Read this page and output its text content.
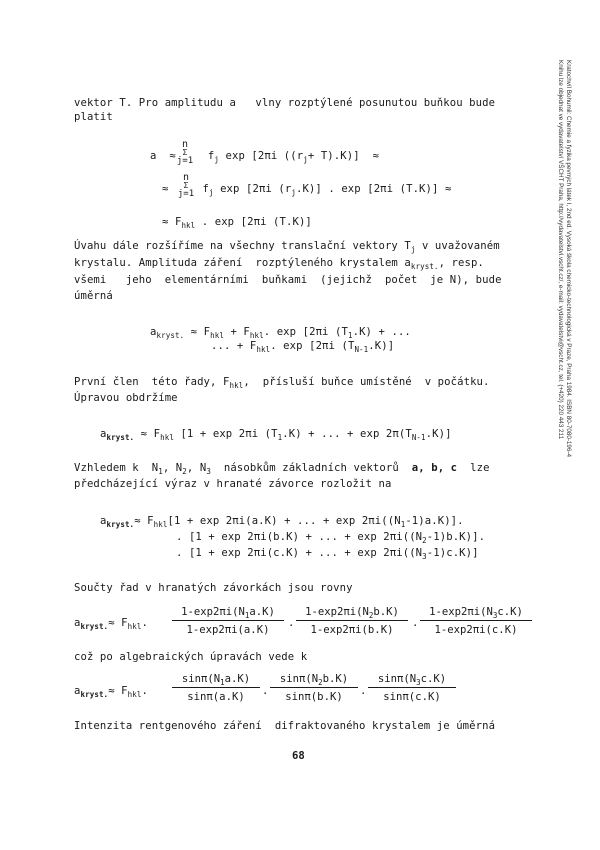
Kratochvíl Bohumil: Chemie a fyzika pevných látek I, 2nd ed. Vysoká škola chemicko-technologická v Praze, Praha 1984. ISBN 80-7080-196-4
Knihu lze objednat ve vydavatelství VŠCHT Praha, http://vydavatelstvi.vscht.cz/, e-mail: vydavatelstvi@vscht.cz, tel. (+420) 220 443 211
vektor T. Pro amplitudu a   vlny rozptýlené posunutou buňkou bude
platit
a  ≈	$f_j$ exp [2πi $((r_j+ T).K)$]  ≈
n
Σ
j=1
≈	$f_j$ exp [2πi $(r_j.K)$] . exp [2πi (T.K)] ≈
n
Σ
j=1
≈ $F_{hkl}$ . exp [2πi (T.K)]
Úvahu dále rozšíříme na všechny translační vektory $T_j$ v uvažovaném
krystalu. Amplituda záření  rozptýleného krystalem $a_{kryst.}$, resp.
všemi   jeho  elementárními  buňkami  (jejichž  počet  je N), bude
úměrná
$a_{kryst.} \approx F_{hkl} + F_{hkl}$. exp [2πi $(T_1.K)$ + ...
... + $F_{hkl}$. exp [2πi $(T_{N-1}.K)$]
První člen  této řady, $F_{hkl}$,  přísluší buňce umístěné  v počátku.
Úpravou obdržíme
$a_{kryst.} \approx F_{hkl}$ [1 + exp 2πi $(T_1.K)$ + ... + $\exp 2\pi(T_{N-1}.K)$]
Vzhledem k  $N_1$, $N_2$, $N_3$  násobkům základních vektorů  a, b, c  lze
předcházející výraz v hranaté závorce rozložit na
$a_{kryst.}\approx F_{hkl}[1 + \exp 2\pi i(a.K)$ + ... + $\exp 2\pi i((N_1-1)a.K)$].
. [1 + exp 2πi(b.K) + ... + $\exp 2\pi i((N_2-1)b.K)$].
. [1 + exp 2πi(c.K) + ... + $\exp 2\pi i((N_3-1)c.K)$]
Součty řad v hranatých závorkách jsou rovny
$a_{kryst.}\approx F_{hkl}$. $\frac{1-\exp 2\pi i(N_1a.K)}{1-\exp 2\pi i(a.K)}$ . $\frac{1-\exp 2\pi i(N_2b.K)}{1-\exp 2\pi i(b.K)}$ . $\frac{1-\exp 2\pi i(N_3c.K)}{1-\exp 2\pi i(c.K)}$
což po algebraických úpravách vede k
$a_{kryst.}\approx F_{hkl}$. $\frac{\sin\pi(N_1a.K)}{\sin\pi(a.K)}$ . $\frac{\sin\pi(N_2b.K)}{\sin\pi(b.K)}$ . $\frac{\sin\pi(N_3c.K)}{\sin\pi(c.K)}$
Intenzita rentgenového záření  difraktovaného krystalem je úměrná
68
